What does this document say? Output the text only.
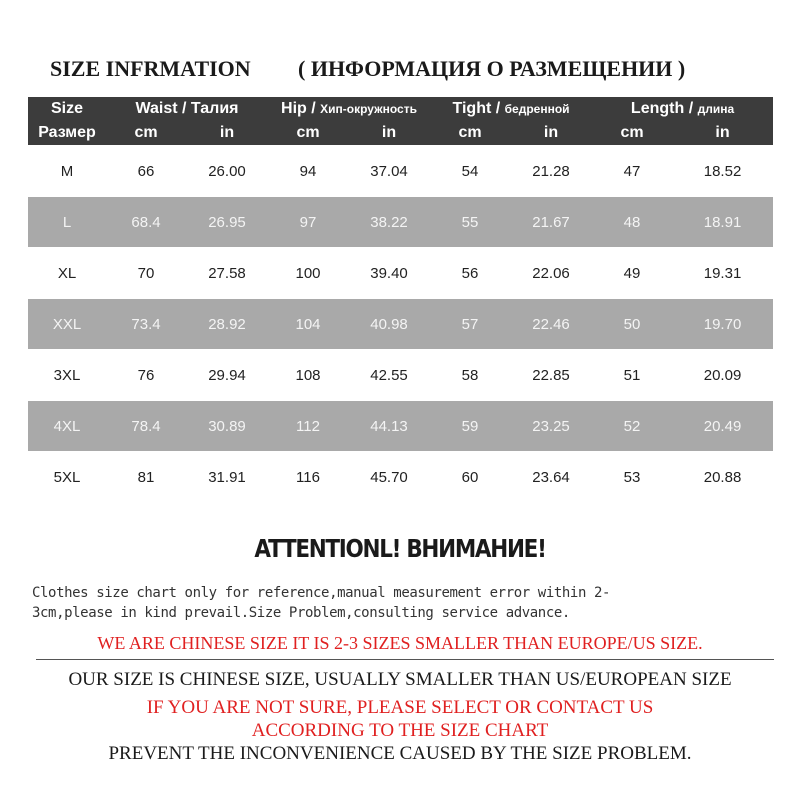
SIZE INFRMATION ( ИНФОРМАЦИЯ О РАЗМЕЩЕНИИ )
Size	Waist / Талия		Hip / Хип-окружность		Tight / бедренной		Length / длина	
Размер	cm	in	cm	in	cm	in	cm	in
M	66	26.00	94	37.04	54	21.28	47	18.52
L	68.4	26.95	97	38.22	55	21.67	48	18.91
XL	70	27.58	100	39.40	56	22.06	49	19.31
XXL	73.4	28.92	104	40.98	57	22.46	50	19.70
3XL	76	29.94	108	42.55	58	22.85	51	20.09
4XL	78.4	30.89	112	44.13	59	23.25	52	20.49
5XL	81	31.91	116	45.70	60	23.64	53	20.88
ATTENTIONL! ВНИМАНИЕ!
Clothes size chart only for reference,manual measurement error within 2-
3cm,please in kind prevail.Size Problem,consulting service advance.
WE ARE CHINESE SIZE IT IS 2-3 SIZES SMALLER THAN EUROPE/US SIZE.
OUR SIZE IS CHINESE SIZE, USUALLY SMALLER THAN US/EUROPEAN SIZE
IF YOU ARE NOT SURE, PLEASE SELECT OR CONTACT US
ACCORDING TO THE SIZE CHART
PREVENT THE INCONVENIENCE CAUSED BY THE SIZE PROBLEM.
